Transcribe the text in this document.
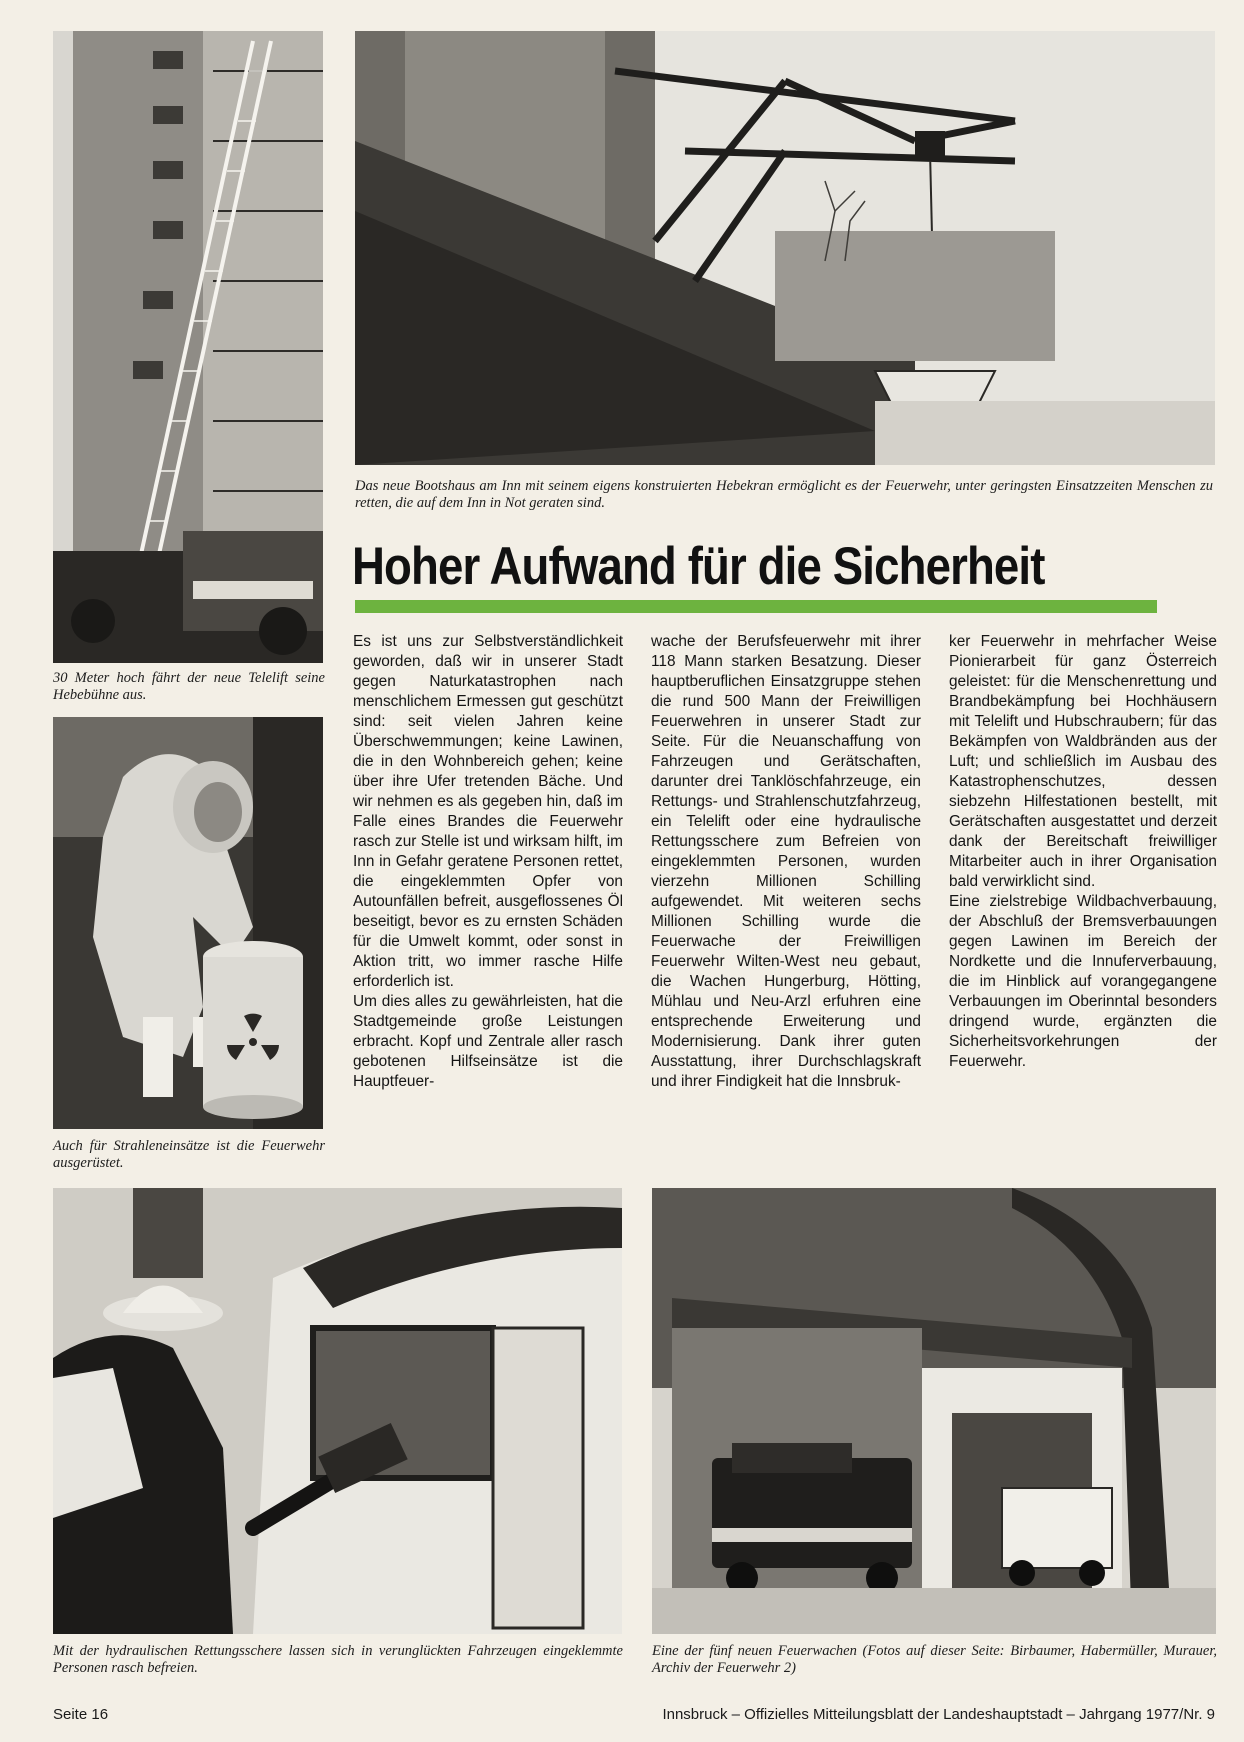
Das neue Bootshaus am Inn mit seinem eigens konstruierten Hebekran ermöglicht es der Feuerwehr, unter geringsten Einsatzzeiten Menschen zu retten, die auf dem Inn in Not geraten sind.

Hoher Aufwand für die Sicherheit

30 Meter hoch fährt der neue Telelift seine Hebebühne aus.

Auch für Strahleneinsätze ist die Feuerwehr ausgerüstet.

Es ist uns zur Selbstverständlichkeit geworden, daß wir in unserer Stadt gegen Naturkatastrophen nach menschlichem Ermessen gut geschützt sind: seit vielen Jahren keine Überschwemmungen; keine Lawinen, die in den Wohnbereich gehen; keine über ihre Ufer tretenden Bäche. Und wir nehmen es als gegeben hin, daß im Falle eines Brandes die Feuerwehr rasch zur Stelle ist und wirksam hilft, im Inn in Gefahr geratene Personen rettet, die eingeklemmten Opfer von Autounfällen befreit, ausgeflossenes Öl beseitigt, bevor es zu ernsten Schäden für die Umwelt kommt, oder sonst in Aktion tritt, wo immer rasche Hilfe erforderlich ist.

Um dies alles zu gewährleisten, hat die Stadtgemeinde große Leistungen erbracht. Kopf und Zentrale aller rasch gebotenen Hilfseinsätze ist die Hauptfeuer-

wache der Berufsfeuerwehr mit ihrer 118 Mann starken Besatzung. Dieser hauptberuflichen Einsatzgruppe stehen die rund 500 Mann der Freiwilligen Feuerwehren in unserer Stadt zur Seite. Für die Neuanschaffung von Fahrzeugen und Gerätschaften, darunter drei Tanklöschfahrzeuge, ein Rettungs- und Strahlenschutzfahrzeug, ein Telelift oder eine hydraulische Rettungsschere zum Befreien von eingeklemmten Personen, wurden vierzehn Millionen Schilling aufgewendet. Mit weiteren sechs Millionen Schilling wurde die Feuerwache der Freiwilligen Feuerwehr Wilten-West neu gebaut, die Wachen Hungerburg, Hötting, Mühlau und Neu-Arzl erfuhren eine entsprechende Erweiterung und Modernisierung. Dank ihrer guten Ausstattung, ihrer Durchschlagskraft und ihrer Findigkeit hat die Innsbruk-

ker Feuerwehr in mehrfacher Weise Pionierarbeit für ganz Österreich geleistet: für die Menschenrettung und Brandbekämpfung bei Hochhäusern mit Telelift und Hubschraubern; für das Bekämpfen von Waldbränden aus der Luft; und schließlich im Ausbau des Katastrophenschutzes, dessen siebzehn Hilfestationen bestellt, mit Gerätschaften ausgestattet und derzeit dank der Bereitschaft freiwilliger Mitarbeiter auch in ihrer Organisation bald verwirklicht sind.

Eine zielstrebige Wildbachverbauung, der Abschluß der Bremsverbauungen gegen Lawinen im Bereich der Nordkette und die Innuferverbauung, die im Hinblick auf vorangegangene Verbauungen im Oberinntal besonders dringend wurde, ergänzten die Sicherheitsvorkehrungen der Feuerwehr.

Mit der hydraulischen Rettungsschere lassen sich in verunglückten Fahrzeugen eingeklemmte Personen rasch befreien.

Eine der fünf neuen Feuerwachen (Fotos auf dieser Seite: Birbaumer, Habermüller, Murauer, Archiv der Feuerwehr 2)

Seite 16	Innsbruck – Offizielles Mitteilungsblatt der Landeshauptstadt – Jahrgang 1977/Nr. 9
